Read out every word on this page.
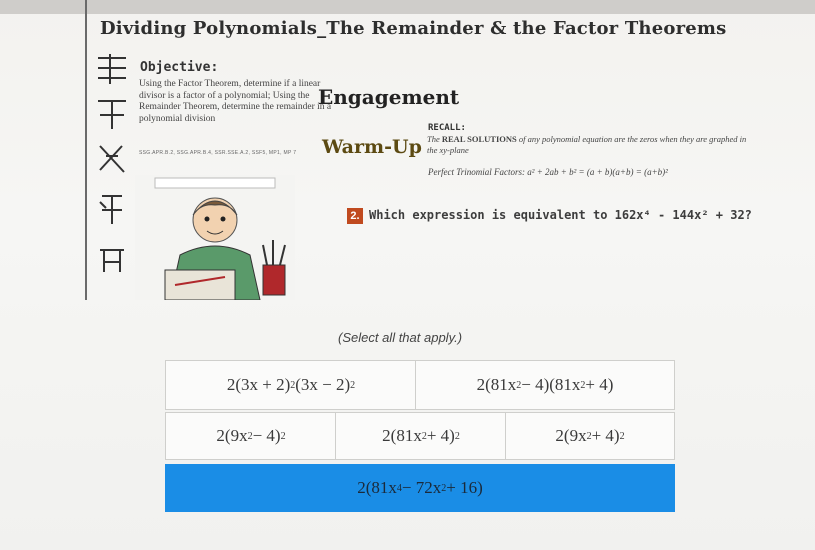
Dividing Polynomials_The Remainder & the Factor Theorems
Objective:
Using the Factor Theorem, determine if a linear divisor is a factor of a polynomial; Using the Remainder Theorem, determine the remainder in a polynomial division
SSG.APR.B.2, SSG.APR.B.4, SSR.SSE.A.2, SSF5, MP1, MP 7
Engagement
Warm-Up
RECALL:
The REAL SOLUTIONS of any polynomial equation are the zeros when they are graphed in the xy-plane
Perfect Trinomial Factors: a² + 2ab + b² = (a + b)(a+b) = (a+b)²
2. Which expression is equivalent to 162x⁴ - 144x² + 32?
(Select all that apply.)
2(3x + 2) 2 (3x − 2) 2	2(81x 2 − 4)(81x 2 + 4)
2(9x 2 − 4) 2	2(81x 2 + 4) 2	2(9x 2 + 4) 2
2(81x 4 − 72x 2 + 16)
